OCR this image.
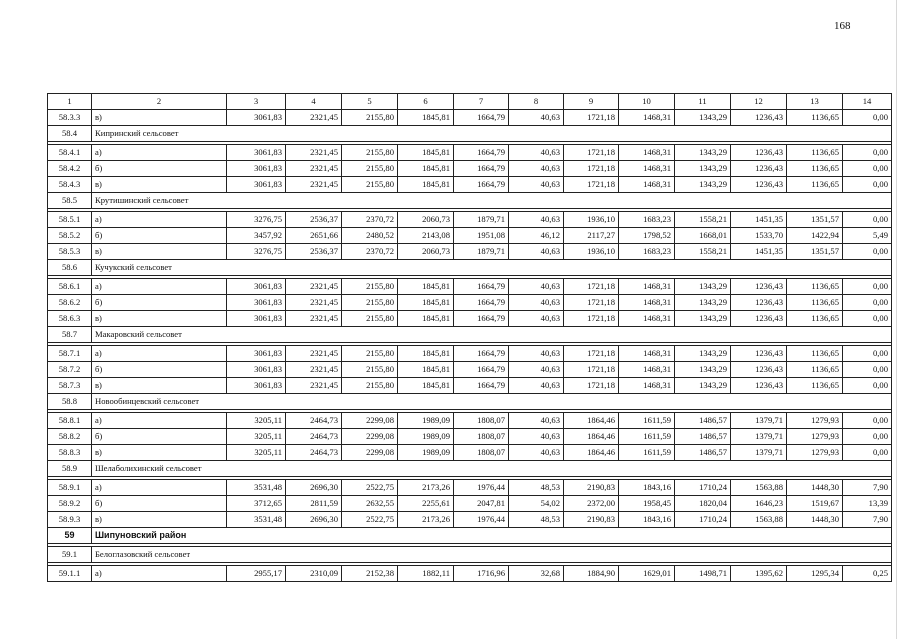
168
1	2	3	4	5	6	7	8	9	10	11	12	13	14
58.3.3	в)	3061,83	2321,45	2155,80	1845,81	1664,79	40,63	1721,18	1468,31	1343,29	1236,43	1136,65	0,00
58.4	Кипринский сельсовет												

58.4.1	а)	3061,83	2321,45	2155,80	1845,81	1664,79	40,63	1721,18	1468,31	1343,29	1236,43	1136,65	0,00
58.4.2	б)	3061,83	2321,45	2155,80	1845,81	1664,79	40,63	1721,18	1468,31	1343,29	1236,43	1136,65	0,00
58.4.3	в)	3061,83	2321,45	2155,80	1845,81	1664,79	40,63	1721,18	1468,31	1343,29	1236,43	1136,65	0,00
58.5	Крутишинский сельсовет												

58.5.1	а)	3276,75	2536,37	2370,72	2060,73	1879,71	40,63	1936,10	1683,23	1558,21	1451,35	1351,57	0,00
58.5.2	б)	3457,92	2651,66	2480,52	2143,08	1951,08	46,12	2117,27	1798,52	1668,01	1533,70	1422,94	5,49
58.5.3	в)	3276,75	2536,37	2370,72	2060,73	1879,71	40,63	1936,10	1683,23	1558,21	1451,35	1351,57	0,00
58.6	Кучукский сельсовет												

58.6.1	а)	3061,83	2321,45	2155,80	1845,81	1664,79	40,63	1721,18	1468,31	1343,29	1236,43	1136,65	0,00
58.6.2	б)	3061,83	2321,45	2155,80	1845,81	1664,79	40,63	1721,18	1468,31	1343,29	1236,43	1136,65	0,00
58.6.3	в)	3061,83	2321,45	2155,80	1845,81	1664,79	40,63	1721,18	1468,31	1343,29	1236,43	1136,65	0,00
58.7	Макаровский сельсовет												

58.7.1	а)	3061,83	2321,45	2155,80	1845,81	1664,79	40,63	1721,18	1468,31	1343,29	1236,43	1136,65	0,00
58.7.2	б)	3061,83	2321,45	2155,80	1845,81	1664,79	40,63	1721,18	1468,31	1343,29	1236,43	1136,65	0,00
58.7.3	в)	3061,83	2321,45	2155,80	1845,81	1664,79	40,63	1721,18	1468,31	1343,29	1236,43	1136,65	0,00
58.8	Новообинцевский сельсовет												

58.8.1	а)	3205,11	2464,73	2299,08	1989,09	1808,07	40,63	1864,46	1611,59	1486,57	1379,71	1279,93	0,00
58.8.2	б)	3205,11	2464,73	2299,08	1989,09	1808,07	40,63	1864,46	1611,59	1486,57	1379,71	1279,93	0,00
58.8.3	в)	3205,11	2464,73	2299,08	1989,09	1808,07	40,63	1864,46	1611,59	1486,57	1379,71	1279,93	0,00
58.9	Шелаболихинский сельсовет												

58.9.1	а)	3531,48	2696,30	2522,75	2173,26	1976,44	48,53	2190,83	1843,16	1710,24	1563,88	1448,30	7,90
58.9.2	б)	3712,65	2811,59	2632,55	2255,61	2047,81	54,02	2372,00	1958,45	1820,04	1646,23	1519,67	13,39
58.9.3	в)	3531,48	2696,30	2522,75	2173,26	1976,44	48,53	2190,83	1843,16	1710,24	1563,88	1448,30	7,90
59	Шипуновский район												

59.1	Белоглазовский сельсовет												

59.1.1	а)	2955,17	2310,09	2152,38	1882,11	1716,96	32,68	1884,90	1629,01	1498,71	1395,62	1295,34	0,25
